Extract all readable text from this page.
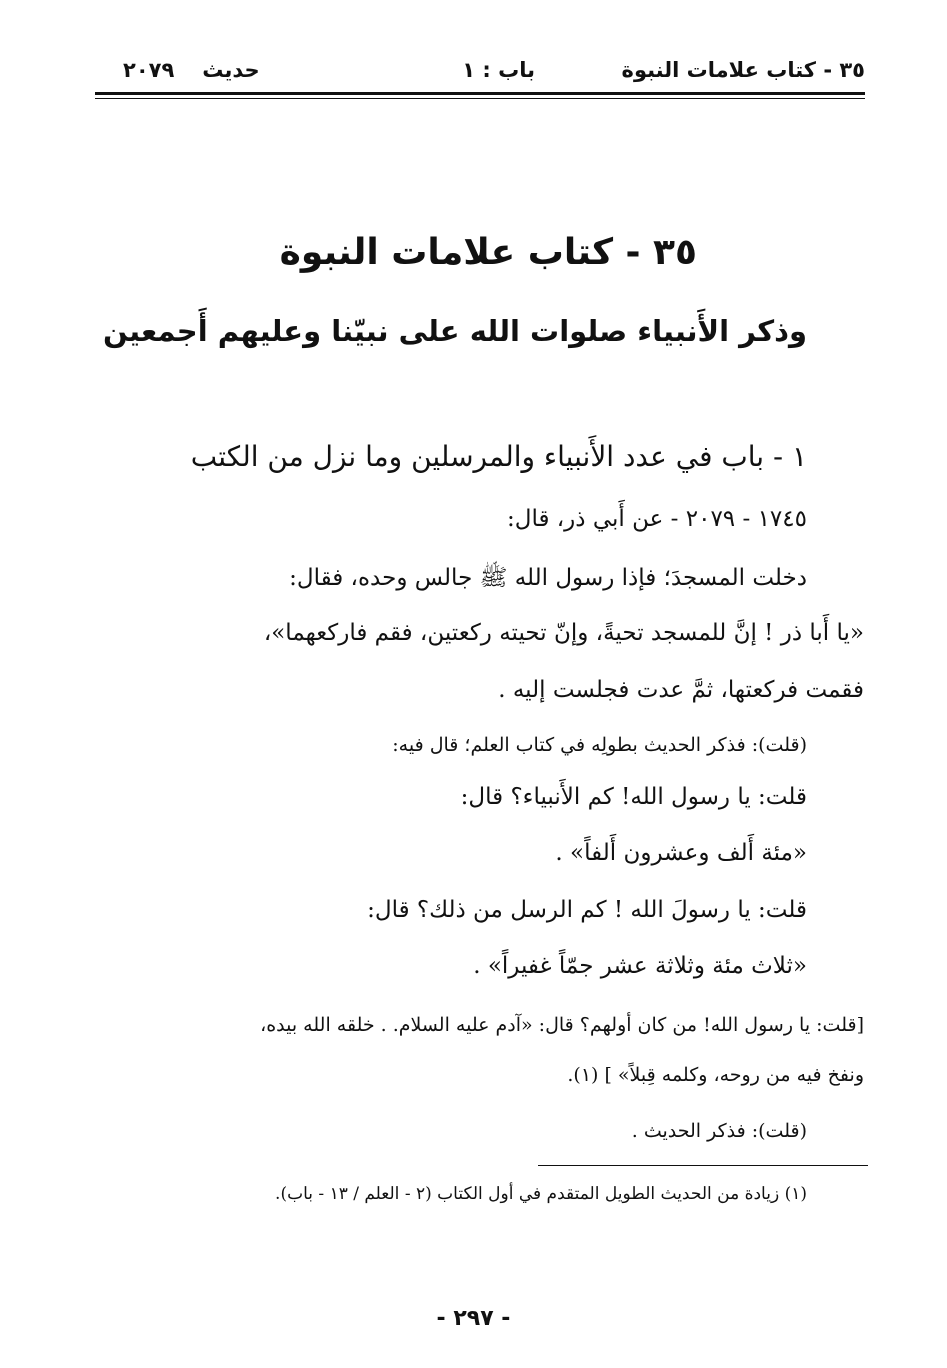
٣٥ - كتاب علامات النبوة
باب : ١
حديث٢٠٧٩
٣٥ - كتاب علامات النبوة
وذكر الأَنبياء صلوات الله على نبيّنا وعليهم أَجمعين
١ - باب في عدد الأَنبياء والمرسلين وما نزل من الكتب
١٧٤٥ - ٢٠٧٩ - عن أَبي ذر، قال:
دخلت المسجدَ؛ فإذا رسول الله ﷺ جالس وحده، فقال:
«يا أَبا ذر ! إنَّ للمسجد تحيةً، وإنّ تحيته ركعتين، فقم فاركعهما»،
فقمت فركعتها، ثمَّ عدت فجلست إليه .
(قلت): فذكر الحديث بطولِه في كتاب العلم؛ قال فيه:
قلت: يا رسول الله! كم الأَنبياء؟ قال:
«مئة أَلف وعشرون أَلفاً» .
قلت: يا رسولَ الله ! كم الرسل من ذلك؟ قال:
«ثلاث مئة وثلاثة عشر جمّاً غفيراً» .
[قلت: يا رسول الله! من كان أولهم؟ قال: «آدم عليه السلام. . خلقه الله بيده،
ونفخ فيه من روحه، وكلمه قِبلاً» ] (١).
(قلت): فذكر الحديث .
(١) زيادة من الحديث الطويل المتقدم في أول الكتاب (٢ - العلم / ١٣ - باب).
- ٢٩٧ -
